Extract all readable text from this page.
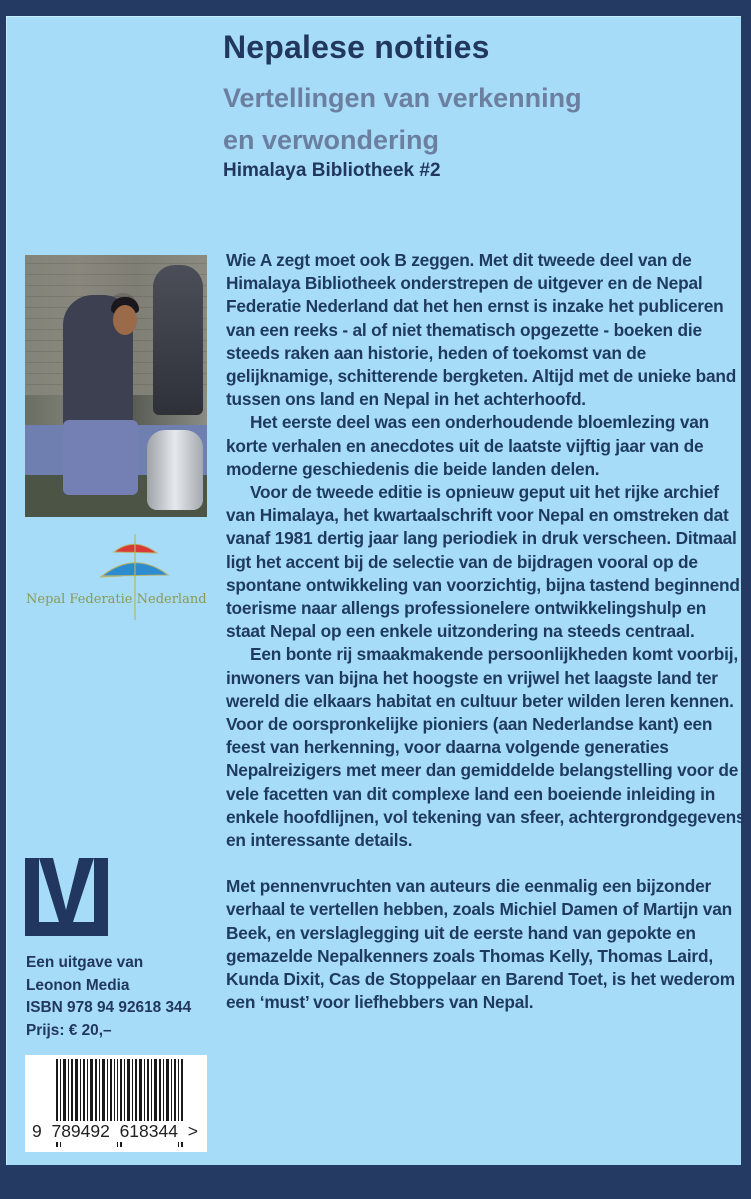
Nepalese notities
Vertellingen van verkenning
en verwondering
Himalaya Bibliotheek #2
Nepal Federatie Nederland
Een uitgave van
Leonon Media
ISBN 978 94 92618 344
Prijs: € 20,–
9  789492  618344  >

Wie A zegt moet ook B zeggen. Met dit tweede deel van de Himalaya Bibliotheek onderstrepen de uitgever en de Nepal Federatie Nederland dat het hen ernst is inzake het publiceren van een reeks - al of niet thematisch opgezette - boeken die steeds raken aan historie, heden of toekomst van de gelijknamige, schitterende bergketen. Altijd met de unieke band tussen ons land en Nepal in het achterhoofd.

Het eerste deel was een onderhoudende bloemlezing van korte verhalen en anecdotes uit de laatste vijftig jaar van de moderne geschiedenis die beide landen delen.

Voor de tweede editie is opnieuw geput uit het rijke archief van Himalaya, het kwartaalschrift voor Nepal en omstreken dat vanaf 1981 dertig jaar lang periodiek in druk verscheen. Ditmaal ligt het accent bij de selectie van de bijdragen vooral op de spontane ontwikkeling van voorzichtig, bijna tastend beginnend toerisme naar allengs professionelere ontwikkelingshulp en staat Nepal op een enkele uitzondering na steeds centraal.

Een bonte rij smaakmakende persoonlijkheden komt voorbij, inwoners van bijna het hoogste en vrijwel het laagste land ter wereld die elkaars habitat en cultuur beter wilden leren kennen. Voor de oorspronkelijke pioniers (aan Nederlandse kant) een feest van herkenning, voor daarna volgende generaties Nepalreizigers met meer dan gemiddelde belangstelling voor de vele facetten van dit complexe land een boeiende inleiding in enkele hoofdlijnen, vol tekening van sfeer, achtergrondgegevens en interessante details.

Met pennenvruchten van auteurs die eenmalig een bijzonder verhaal te vertellen hebben, zoals Michiel Damen of Martijn van Beek, en verslaglegging uit de eerste hand van gepokte en gemazelde Nepalkenners zoals Thomas Kelly, Thomas Laird, Kunda Dixit, Cas de Stoppelaar en Barend Toet, is het wederom een ‘must’ voor liefhebbers van Nepal.
